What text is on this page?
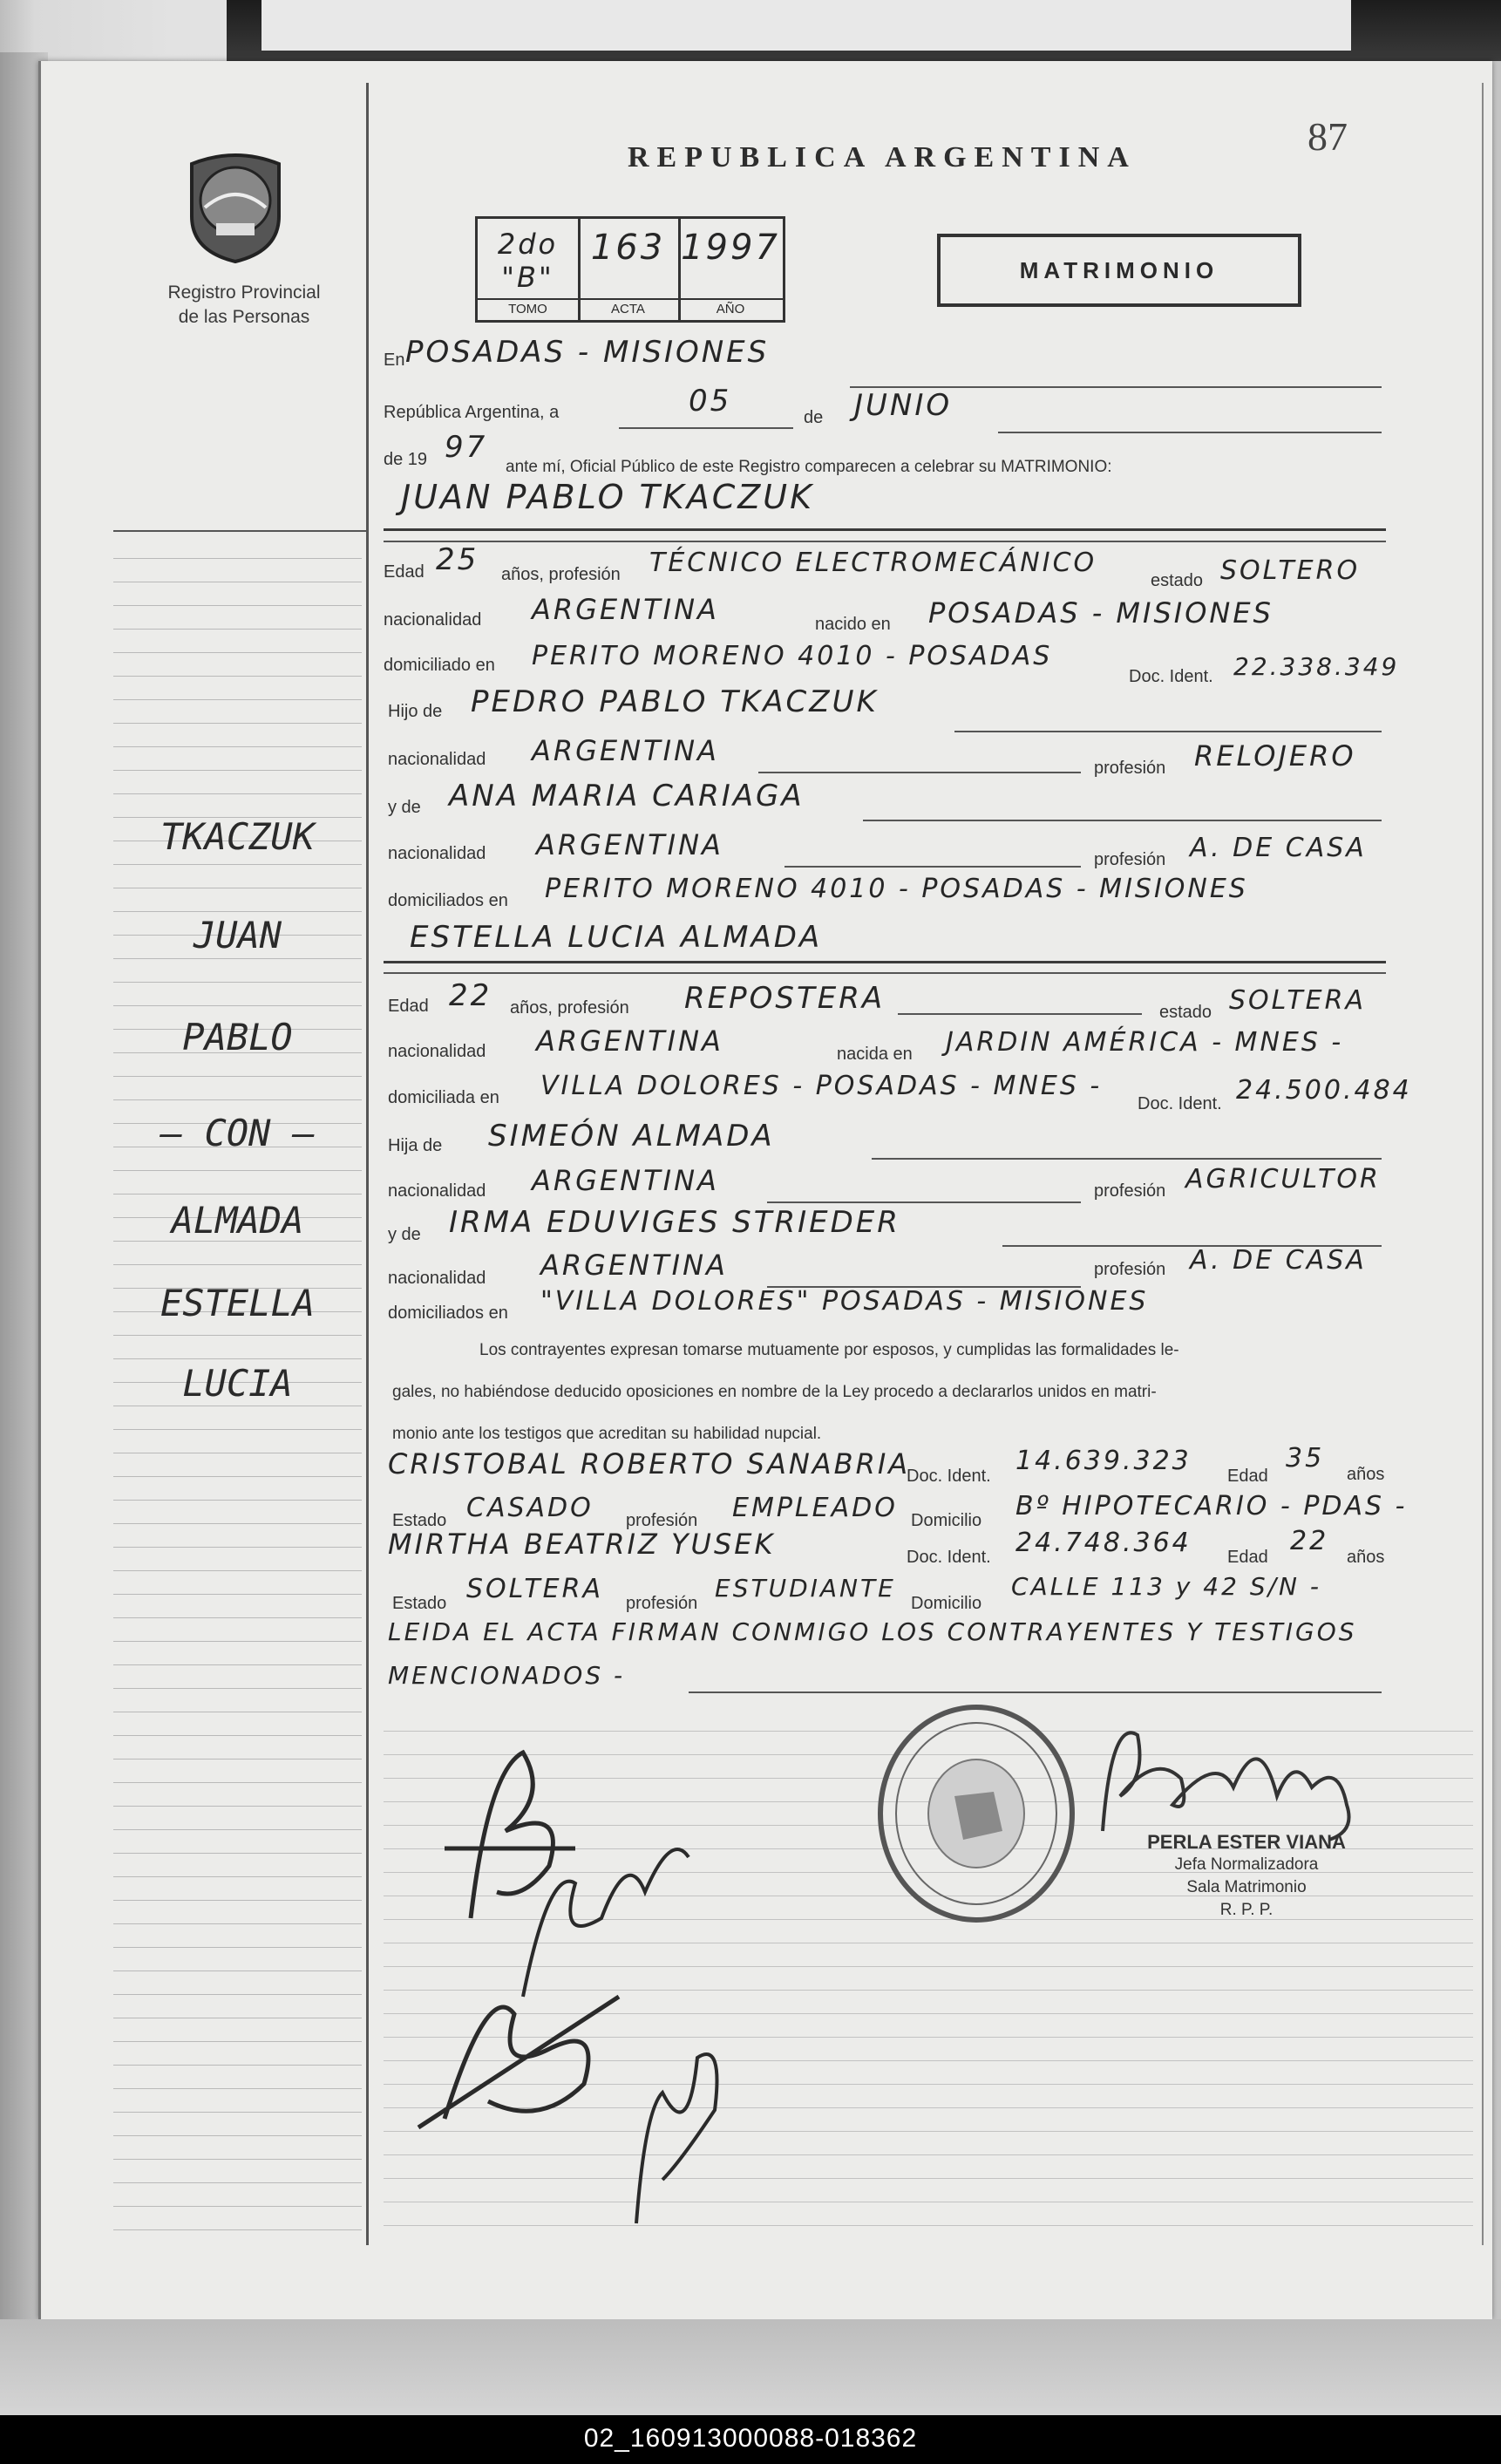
Registro Provincial
de las Personas
TKACZUK
JUAN
PABLO
— CON —
ALMADA
ESTELLA
LUCIA
REPUBLICA ARGENTINA	87
2do "B"
TOMO
163
ACTA
1997
AÑO
MATRIMONIO
En POSADAS - MISIONES
República Argentina, a	05	de JUNIO
de 19 97
ante mí, Oficial Público de este Registro comparecen a celebrar su MATRIMONIO:
JUAN PABLO TKACZUK
Edad 25 años, profesión TÉCNICO ELECTROMECÁNICO
estado SOLTERO
nacionalidad ARGENTINA	nacido en POSADAS - MISIONES
domiciliado en PERITO MORENO 4010 - POSADAS
Doc. Ident. 22.338.349
Hijo de PEDRO PABLO TKACZUK
nacionalidad ARGENTINA
profesión RELOJERO
y de ANA MARIA CARIAGA
nacionalidad ARGENTINA	profesión A. DE CASA
domiciliados en PERITO MORENO 4010 - POSADAS - MISIONES
ESTELLA LUCIA ALMADA
Edad 22 años, profesión REPOSTERA	estado SOLTERA
nacionalidad ARGENTINA	nacida en JARDIN AMÉRICA - MNES -
domiciliada en VILLA DOLORES - POSADAS - MNES -
Doc. Ident. 24.500.484
Hija de SIMEÓN ALMADA
nacionalidad ARGENTINA	profesión AGRICULTOR
y de IRMA EDUVIGES STRIEDER
nacionalidad ARGENTINA	profesión A. DE CASA
domiciliados en "VILLA DOLORES" POSADAS - MISIONES
Los contrayentes expresan tomarse mutuamente por esposos, y cumplidas las formalidades le-
gales, no habiéndose deducido oposiciones en nombre de la Ley procedo a declararlos unidos en matri-
monio ante los testigos que acreditan su habilidad nupcial.
CRISTOBAL ROBERTO SANABRIA
Doc. Ident. 14.639.323 Edad
35
años
Estado CASADO profesión EMPLEADO Domicilio Bº HIPOTECARIO - PDAS -
MIRTHA BEATRIZ YUSEK	Doc. Ident. 24.748.364 Edad
22
años
Estado SOLTERA profesión
ESTUDIANTE
Domicilio
CALLE 113 y 42 S/N -
LEIDA EL ACTA FIRMAN CONMIGO LOS CONTRAYENTES Y TESTIGOS
MENCIONADOS -
PERLA ESTER VIANA
Jefa Normalizadora
Sala Matrimonio
R. P. P.
02_160913000088-018362
